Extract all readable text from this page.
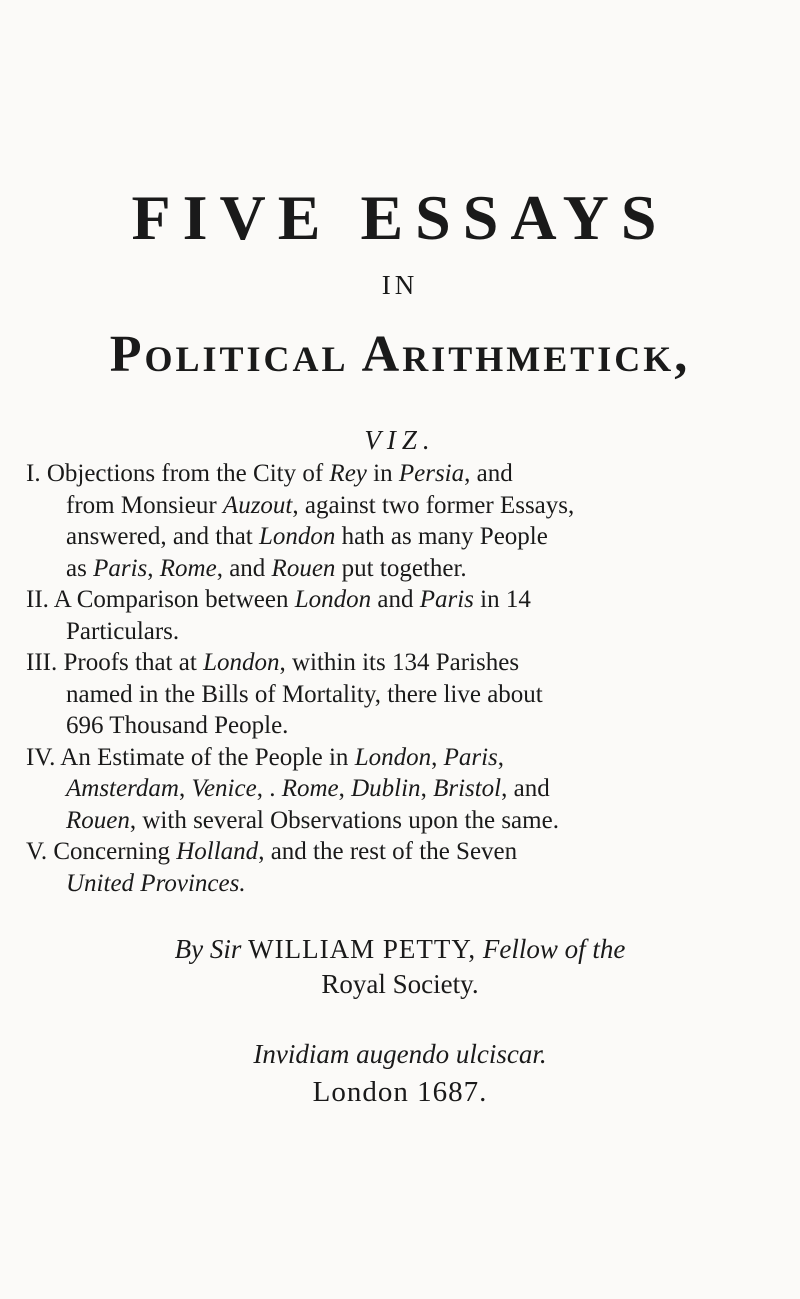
FIVE ESSAYS
IN
Political Arithmetick,
VIZ.
I. Objections from the City of Rey in Persia, and
from Monsieur Auzout, against two former Essays,
answered, and that London hath as many People
as Paris, Rome, and Rouen put together.
II. A Comparison between London and Paris in 14
Particulars.
III. Proofs that at London, within its 134 Parishes
named in the Bills of Mortality, there live about
696 Thousand People.
IV. An Estimate of the People in London, Paris,
Amsterdam, Venice, . Rome, Dublin, Bristol, and
Rouen, with several Observations upon the same.
V. Concerning Holland, and the rest of the Seven
United Provinces.
By Sir WILLIAM PETTY, Fellow of the
Royal Society.
Invidiam augendo ulciscar.
London 1687.
